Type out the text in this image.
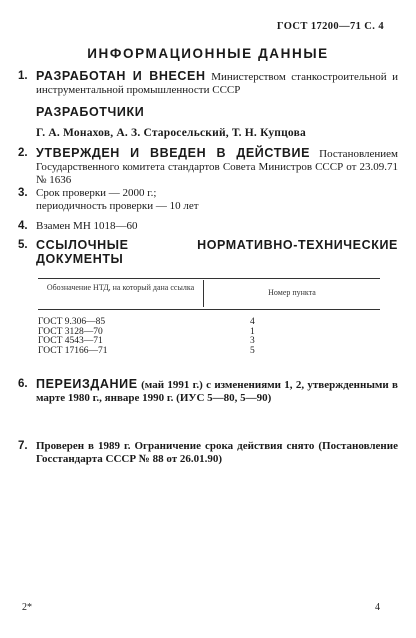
ГОСТ 17200—71 С. 4
ИНФОРМАЦИОННЫЕ ДАННЫЕ
1. РАЗРАБОТАН И ВНЕСЕН Министерством станкостроительной и инструментальной промышленности СССР
РАЗРАБОТЧИКИ
Г. А. Монахов, А. З. Старосельский, Т. Н. Купцова
2. УТВЕРЖДЕН И ВВЕДЕН В ДЕЙСТВИЕ Постановлением Государственного комитета стандартов Совета Министров СССР от 23.09.71 № 1636
3. Срок проверки — 2000 г.;
периодичность проверки — 10 лет
4. Взамен МН 1018—60
5. ССЫЛОЧНЫЕ НОРМАТИВНО-ТЕХНИЧЕСКИЕ ДОКУМЕНТЫ
Обозначение НТД, на который дана ссылка
Номер пункта
ГОСТ 9.306—85	4
ГОСТ 3128—70	1
ГОСТ 4543—71	3
ГОСТ 17166—71	5
6. ПЕРЕИЗДАНИЕ (май 1991 г.) с изменениями 1, 2, утвержденными в марте 1980 г., январе 1990 г. (ИУС 5—80, 5—90)
7. Проверен в 1989 г. Ограничение срока действия снято (Постановление Госстандарта СССР № 88 от 26.01.90)
2*	4
